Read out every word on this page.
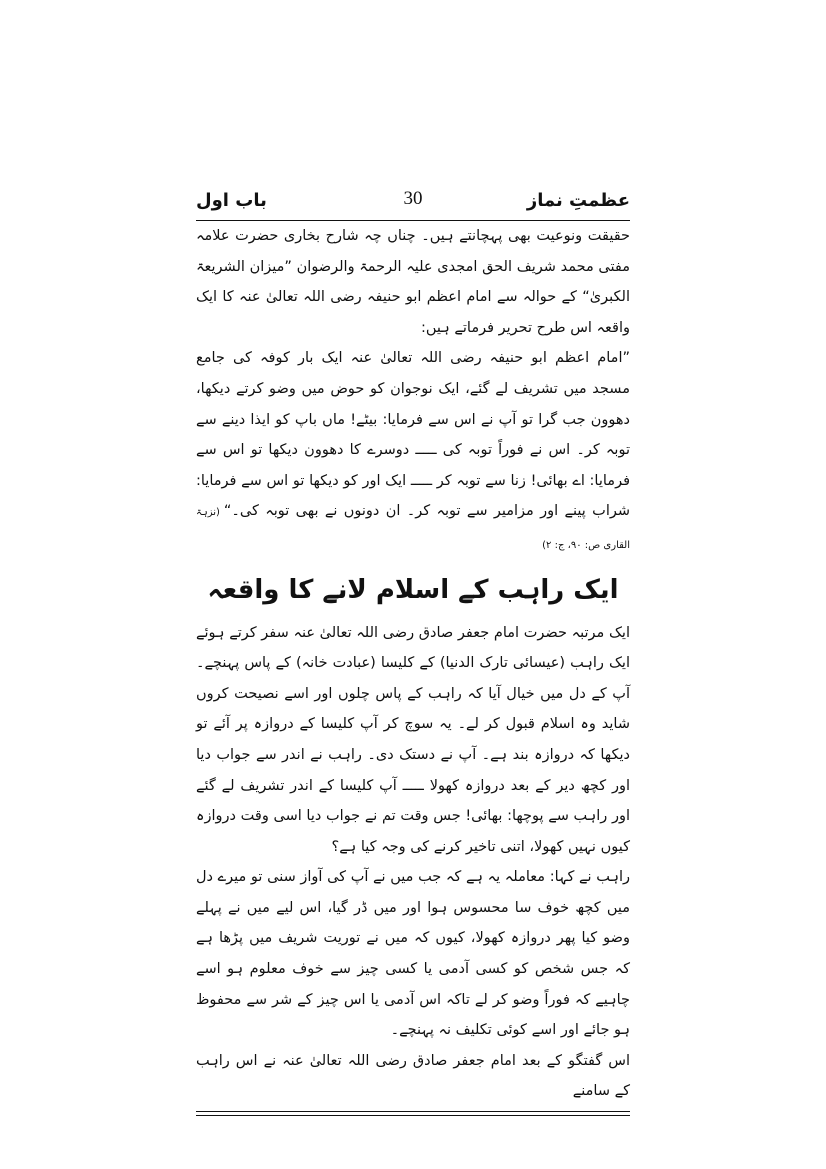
عظمتِ نماز
30
باب اول

حقیقت ونوعیت بھی پہچانتے ہیں۔ چناں چہ شارح بخاری حضرت علامہ مفتی محمد شریف الحق امجدی علیہ الرحمۃ والرضوان ”میزان الشریعۃ الکبریٰ“ کے حوالہ سے امام اعظم ابو حنیفہ رضی اللہ تعالیٰ عنہ کا ایک واقعہ اس طرح تحریر فرماتے ہیں:

”امام اعظم ابو حنیفہ رضی اللہ تعالیٰ عنہ ایک بار کوفہ کی جامع مسجد میں تشریف لے گئے، ایک نوجوان کو حوض میں وضو کرتے دیکھا، دھوون جب گرا تو آپ نے اس سے فرمایا: بیٹے! ماں باپ کو ایذا دینے سے توبہ کر۔ اس نے فوراً توبہ کی ـــــ دوسرے کا دھوون دیکھا تو اس سے فرمایا: اے بھائی! زنا سے توبہ کر ـــــ ایک اور کو دیکھا تو اس سے فرمایا: شراب پینے اور مزامیر سے توبہ کر۔ ان دونوں نے بھی توبہ کی۔“(نزہۃ القاری ص: ۹۰، ج: ۲)

ایک راہب کے اسلام لانے کا واقعہ

ایک مرتبہ حضرت امام جعفر صادق رضی اللہ تعالیٰ عنہ سفر کرتے ہوئے ایک راہب (عیسائی تارک الدنیا) کے کلیسا (عبادت خانہ) کے پاس پہنچے۔ آپ کے دل میں خیال آیا کہ راہب کے پاس چلوں اور اسے نصیحت کروں شاید وہ اسلام قبول کر لے۔ یہ سوچ کر آپ کلیسا کے دروازہ پر آئے تو دیکھا کہ دروازہ بند ہے۔ آپ نے دستک دی۔ راہب نے اندر سے جواب دیا اور کچھ دیر کے بعد دروازہ کھولا ـــــ آپ کلیسا کے اندر تشریف لے گئے اور راہب سے پوچھا: بھائی! جس وقت تم نے جواب دیا اسی وقت دروازہ کیوں نہیں کھولا، اتنی تاخیر کرنے کی وجہ کیا ہے؟

راہب نے کہا: معاملہ یہ ہے کہ جب میں نے آپ کی آواز سنی تو میرے دل میں کچھ خوف سا محسوس ہوا اور میں ڈر گیا، اس لیے میں نے پہلے وضو کیا پھر دروازہ کھولا، کیوں کہ میں نے توریت شریف میں پڑھا ہے کہ جس شخص کو کسی آدمی یا کسی چیز سے خوف معلوم ہو اسے چاہیے کہ فوراً وضو کر لے تاکہ اس آدمی یا اس چیز کے شر سے محفوظ ہو جائے اور اسے کوئی تکلیف نہ پہنچے۔

اس گفتگو کے بعد امام جعفر صادق رضی اللہ تعالیٰ عنہ نے اس راہب کے سامنے
